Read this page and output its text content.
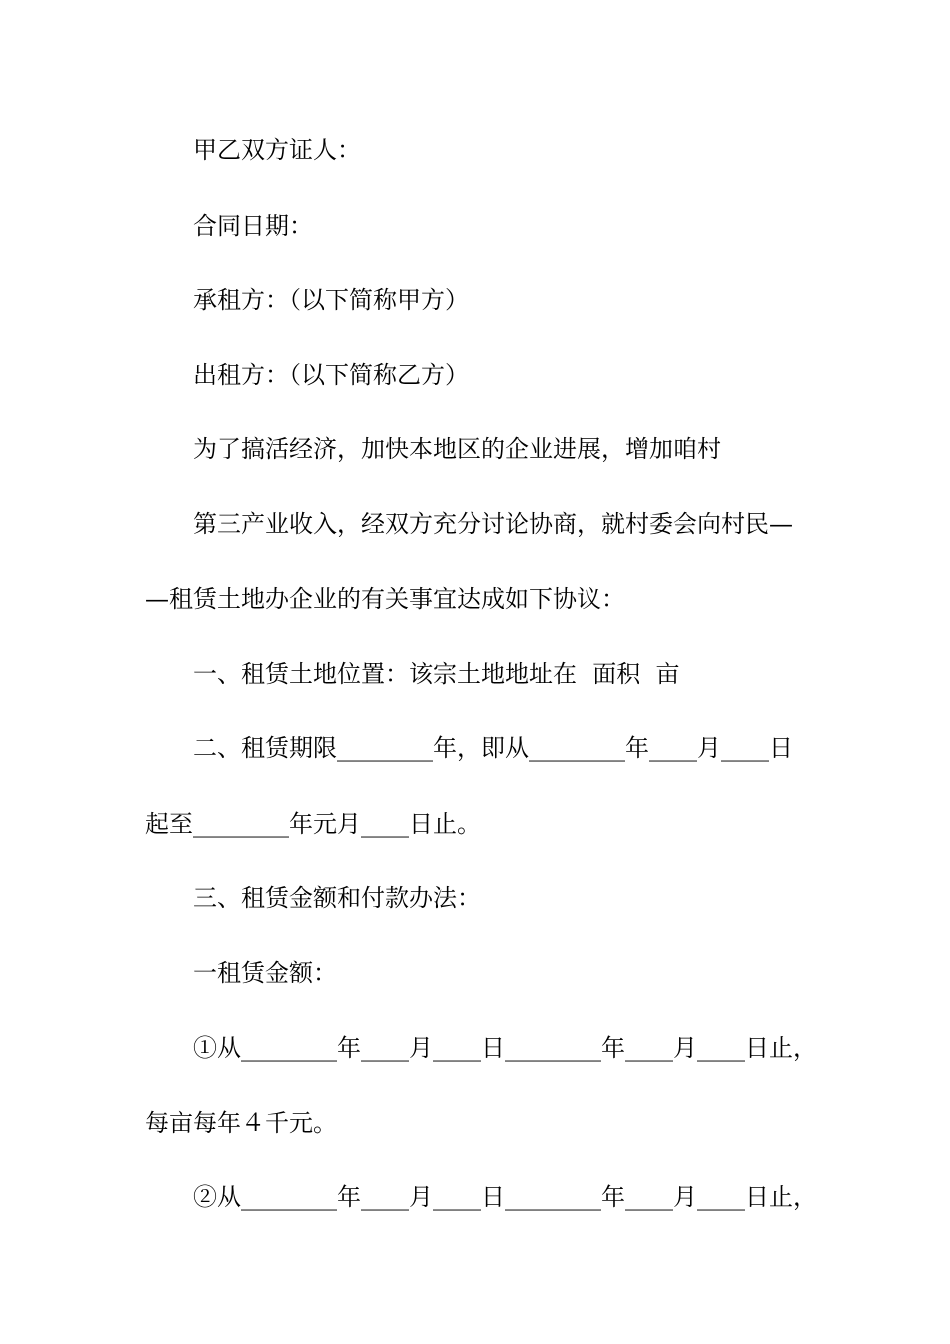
甲乙双方证人：
合同日期：
承租方：（以下简称甲方）
出租方：（以下简称乙方）
为了搞活经济，加快本地区的企业进展，增加咱村
第三产业收入，经双方充分讨论协商，就村委会向村民—
—租赁土地办企业的有关事宜达成如下协议：
一、租赁土地位置：该宗土地地址在  面积  亩
二、租赁期限________年，即从________年____月____日
起至________年元月____日止。
三、租赁金额和付款办法：
一租赁金额：
①从________年____月____日________年____月____日止，
每亩每年４千元。
②从________年____月____日________年____月____日止，
